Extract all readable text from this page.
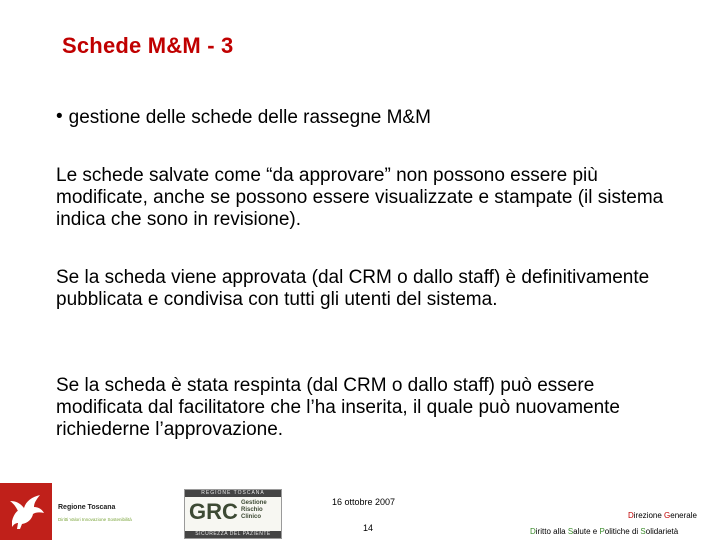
Schede M&M - 3
• gestione delle schede delle rassegne M&M
Le schede salvate come “da approvare” non possono essere più modificate, anche se possono essere visualizzate e stampate (il sistema indica che sono in revisione).
Se la scheda viene approvata (dal CRM o dallo staff) è definitivamente pubblicata e condivisa con tutti gli utenti del sistema.
Se la scheda è stata respinta (dal CRM o dallo staff) può essere modificata dal facilitatore che l’ha inserita, il quale può nuovamente richiederne l’approvazione.
Regione Toscana
Diritti Valori Innovazione Sostenibilità
REGIONE TOSCANA
GRC Gestione
Rischio
Clinico
SICUREZZA DEL PAZIENTE
16 ottobre 2007
14
Direzione Generale
Diritto alla Salute e Politiche di Solidarietà
